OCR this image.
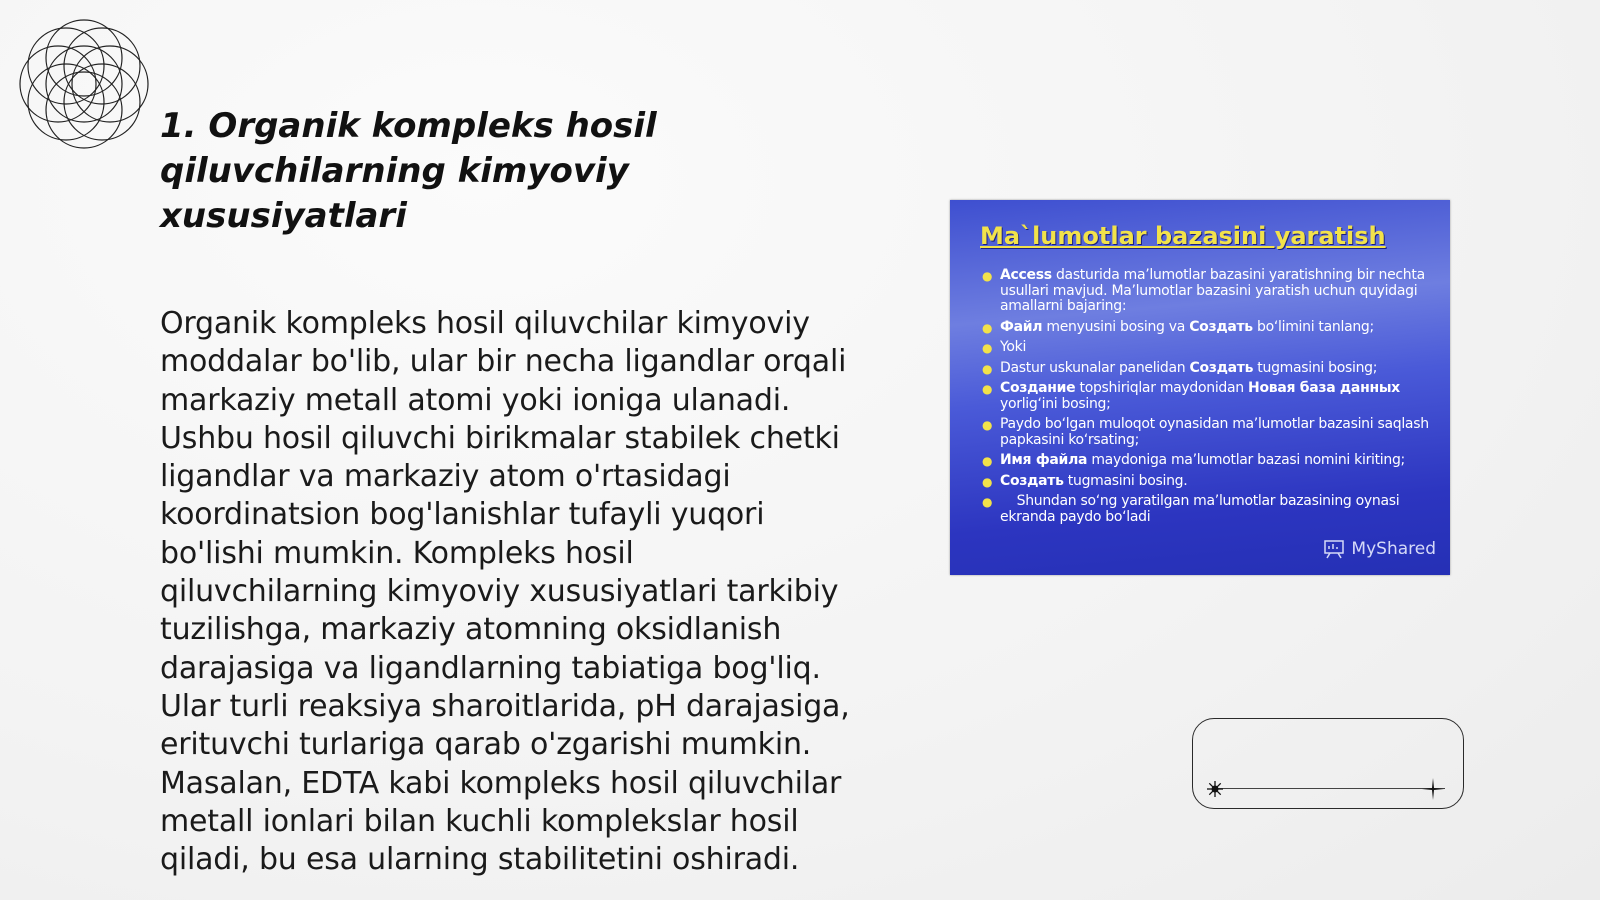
1. Organik kompleks hosil qiluvchilarning kimyoviy xususiyatlari

Organik kompleks hosil qiluvchilar kimyoviy moddalar bo'lib, ular bir necha ligandlar orqali markaziy metall atomi yoki ioniga ulanadi. Ushbu hosil qiluvchi birikmalar stabilek chetki ligandlar va markaziy atom o'rtasidagi koordinatsion bog'lanishlar tufayli yuqori bo'lishi mumkin. Kompleks hosil qiluvchilarning kimyoviy xususiyatlari tarkibiy tuzilishga, markaziy atomning oksidlanish darajasiga va ligandlarning tabiatiga bog'liq. Ular turli reaksiya sharoitlarida, pH darajasiga, erituvchi turlariga qarab o'zgarishi mumkin. Masalan, EDTA kabi kompleks hosil qiluvchilar metall ionlari bilan kuchli komplekslar hosil qiladi, bu esa ularning stabilitetini oshiradi.

Ma`lumotlar bazasini yaratish
● Access dasturida ma’lumotlar bazasini yaratishning bir nechta usullari mavjud. Ma’lumotlar bazasini yaratish uchun quyidagi amallarni bajaring:
● Файл menyusini bosing va Создать bo‘limini tanlang;
● Yoki
● Dastur uskunalar panelidan Создать tugmasini bosing;
● Создание topshiriqlar maydonidan Новая база данных yorlig‘ini bosing;
● Paydo bo‘lgan muloqot oynasidan ma’lumotlar bazasini saqlash papkasini ko‘rsating;
● Имя файла maydoniga ma’lumotlar bazasi nomini kiriting;
● Создать tugmasini bosing.
● Shundan so‘ng yaratilgan ma’lumotlar bazasining oynasi ekranda paydo bo‘ladi
MyShared
